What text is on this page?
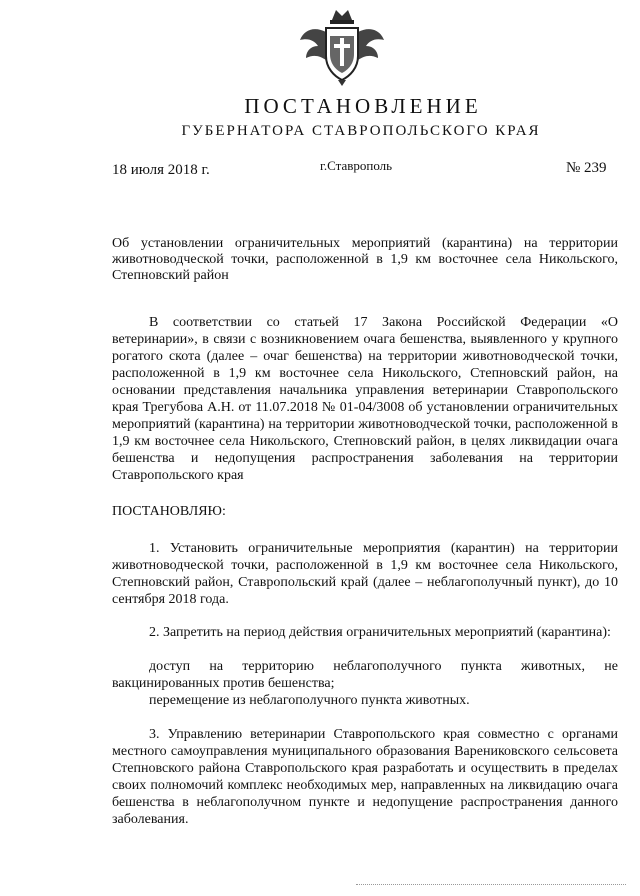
ПОСТАНОВЛЕНИЕ
ГУБЕРНАТОРА СТАВРОПОЛЬСКОГО КРАЯ
18 июля 2018 г.	г.Ставрополь	№ 239

Об установлении ограничительных мероприятий (карантина) на территории животноводческой точки, расположенной в 1,9 км восточнее села Никольского, Степновский район

В соответствии со статьей 17 Закона Российской Федерации «О ветеринарии», в связи с возникновением очага бешенства, выявленного у крупного рогатого скота (далее – очаг бешенства) на территории животноводческой точки, расположенной в 1,9 км восточнее села Никольского, Степновский район, на основании представления начальника управления ветеринарии Ставропольского края Трегубова А.Н. от 11.07.2018 № 01-04/3008 об установлении ограничительных мероприятий (карантина) на территории животноводческой точки, расположенной в 1,9 км восточнее села Никольского, Степновский район, в целях ликвидации очага бешенства и недопущения распространения заболевания на территории Ставропольского края

ПОСТАНОВЛЯЮ:

1. Установить ограничительные мероприятия (карантин) на территории животноводческой точки, расположенной в 1,9 км восточнее села Никольского, Степновский район, Ставропольский край (далее – неблагополучный пункт), до 10 сентября 2018 года.

2. Запретить на период действия ограничительных мероприятий (карантина):

доступ на территорию неблагополучного пункта животных, не вакцинированных против бешенства;

перемещение из неблагополучного пункта животных.

3. Управлению ветеринарии Ставропольского края совместно с органами местного самоуправления муниципального образования Варениковского сельсовета Степновского района Ставропольского края разработать и осуществить в пределах своих полномочий комплекс необходимых мер, направленных на ликвидацию очага бешенства в неблагополучном пункте и недопущение распространения данного заболевания.
